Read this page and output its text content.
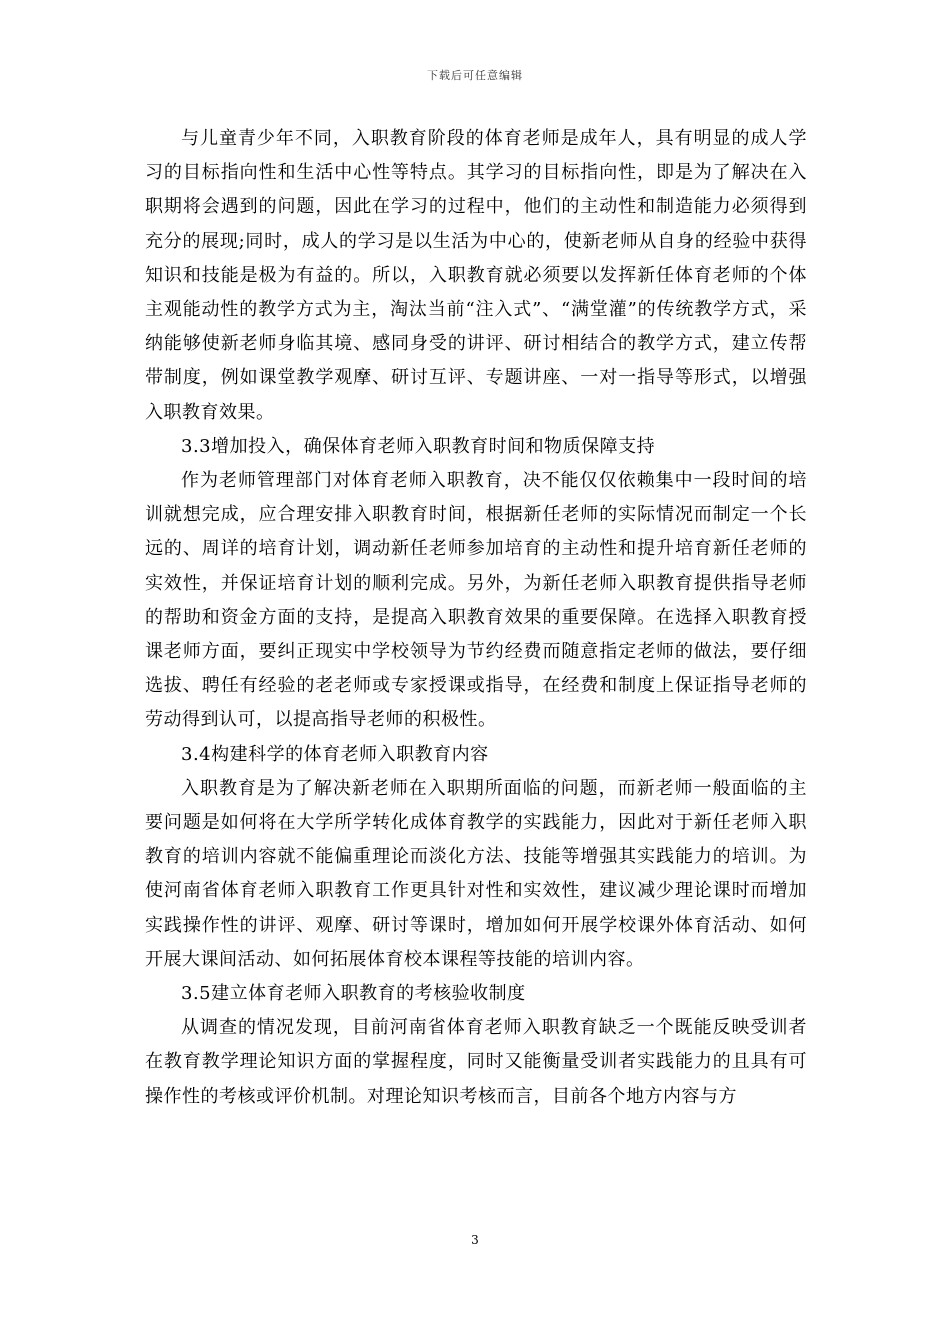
下载后可任意编辑

与儿童青少年不同，入职教育阶段的体育老师是成年人，具有明显的成人学习的目标指向性和生活中心性等特点。其学习的目标指向性，即是为了解决在入职期将会遇到的问题，因此在学习的过程中，他们的主动性和制造能力必须得到充分的展现;同时，成人的学习是以生活为中心的，使新老师从自身的经验中获得知识和技能是极为有益的。所以，入职教育就必须要以发挥新任体育老师的个体主观能动性的教学方式为主，淘汰当前“注入式”、“满堂灌”的传统教学方式，采纳能够使新老师身临其境、感同身受的讲评、研讨相结合的教学方式，建立传帮带制度，例如课堂教学观摩、研讨互评、专题讲座、一对一指导等形式，以增强入职教育效果。

3.3增加投入，确保体育老师入职教育时间和物质保障支持

作为老师管理部门对体育老师入职教育，决不能仅仅依赖集中一段时间的培训就想完成，应合理安排入职教育时间，根据新任老师的实际情况而制定一个长远的、周详的培育计划，调动新任老师参加培育的主动性和提升培育新任老师的实效性，并保证培育计划的顺利完成。另外，为新任老师入职教育提供指导老师的帮助和资金方面的支持，是提高入职教育效果的重要保障。在选择入职教育授课老师方面，要纠正现实中学校领导为节约经费而随意指定老师的做法，要仔细选拔、聘任有经验的老老师或专家授课或指导，在经费和制度上保证指导老师的劳动得到认可，以提高指导老师的积极性。

3.4构建科学的体育老师入职教育内容

入职教育是为了解决新老师在入职期所面临的问题，而新老师一般面临的主要问题是如何将在大学所学转化成体育教学的实践能力，因此对于新任老师入职教育的培训内容就不能偏重理论而淡化方法、技能等增强其实践能力的培训。为使河南省体育老师入职教育工作更具针对性和实效性，建议减少理论课时而增加实践操作性的讲评、观摩、研讨等课时，增加如何开展学校课外体育活动、如何开展大课间活动、如何拓展体育校本课程等技能的培训内容。

3.5建立体育老师入职教育的考核验收制度

从调查的情况发现，目前河南省体育老师入职教育缺乏一个既能反映受训者在教育教学理论知识方面的掌握程度，同时又能衡量受训者实践能力的且具有可操作性的考核或评价机制。对理论知识考核而言，目前各个地方内容与方

3
